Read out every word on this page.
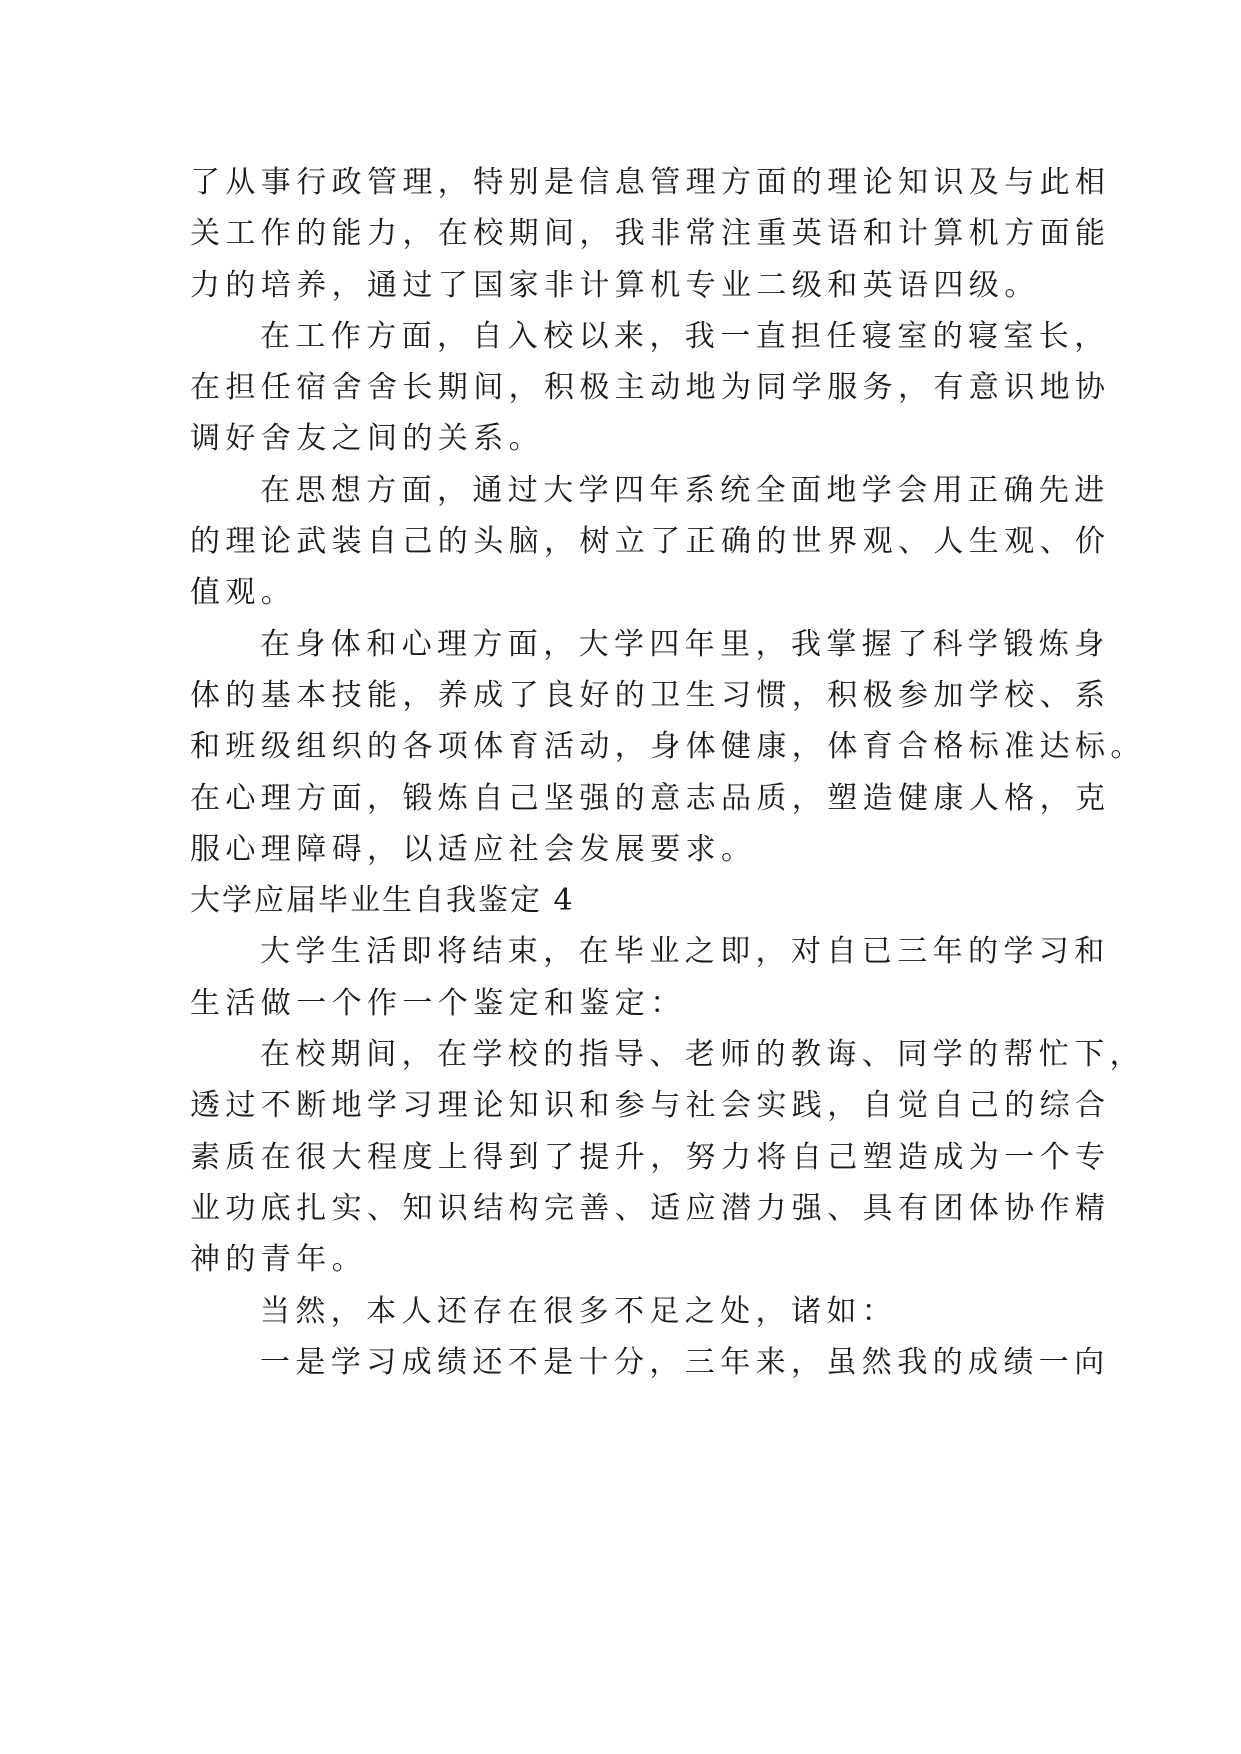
了从事行政管理，特别是信息管理方面的理论知识及与此相
关工作的能力，在校期间，我非常注重英语和计算机方面能
力的培养，通过了国家非计算机专业二级和英语四级。
在工作方面，自入校以来，我一直担任寝室的寝室长，
在担任宿舍舍长期间，积极主动地为同学服务，有意识地协
调好舍友之间的关系。
在思想方面，通过大学四年系统全面地学会用正确先进
的理论武装自己的头脑，树立了正确的世界观、人生观、价
值观。
在身体和心理方面，大学四年里，我掌握了科学锻炼身
体的基本技能，养成了良好的卫生习惯，积极参加学校、系
和班级组织的各项体育活动，身体健康，体育合格标准达标。
在心理方面，锻炼自己坚强的意志品质，塑造健康人格，克
服心理障碍，以适应社会发展要求。
大学应届毕业生自我鉴定 4
大学生活即将结束，在毕业之即，对自已三年的学习和
生活做一个作一个鉴定和鉴定：
在校期间，在学校的指导、老师的教诲、同学的帮忙下，
透过不断地学习理论知识和参与社会实践，自觉自己的综合
素质在很大程度上得到了提升，努力将自己塑造成为一个专
业功底扎实、知识结构完善、适应潜力强、具有团体协作精
神的青年。
当然，本人还存在很多不足之处，诸如：
一是学习成绩还不是十分，三年来，虽然我的成绩一向
